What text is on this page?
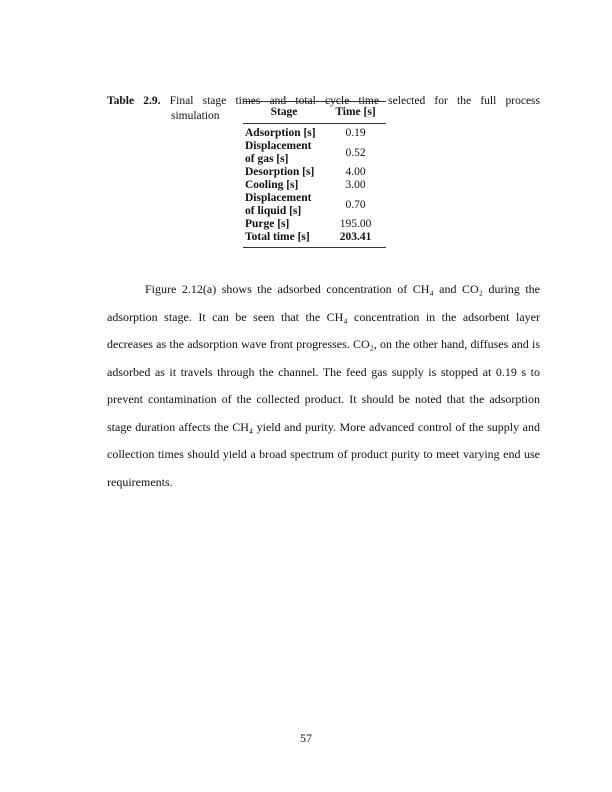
Table 2.9. Final stage times and total cycle time selected for the full process
simulation	Stage	Time [s]

Adsorption [s]	0.19

Displacement
of gas [s]	0.52

Desorption [s]	4.00

Cooling [s]	3.00

Displacement
of liquid [s]	0.70

Purge [s]	195.00

Total time [s]	203.41
Figure 2.12(a) shows the adsorbed concentration of CH₄ and CO₂ during the
adsorption stage. It can be seen that the CH₄ concentration in the adsorbent layer
decreases as the adsorption wave front progresses. CO₂, on the other hand, diffuses and is
adsorbed as it travels through the channel. The feed gas supply is stopped at 0.19 s to
prevent contamination of the collected product. It should be noted that the adsorption
stage duration affects the CH₄ yield and purity. More advanced control of the supply and
collection times should yield a broad spectrum of product purity to meet varying end use
requirements.
57
